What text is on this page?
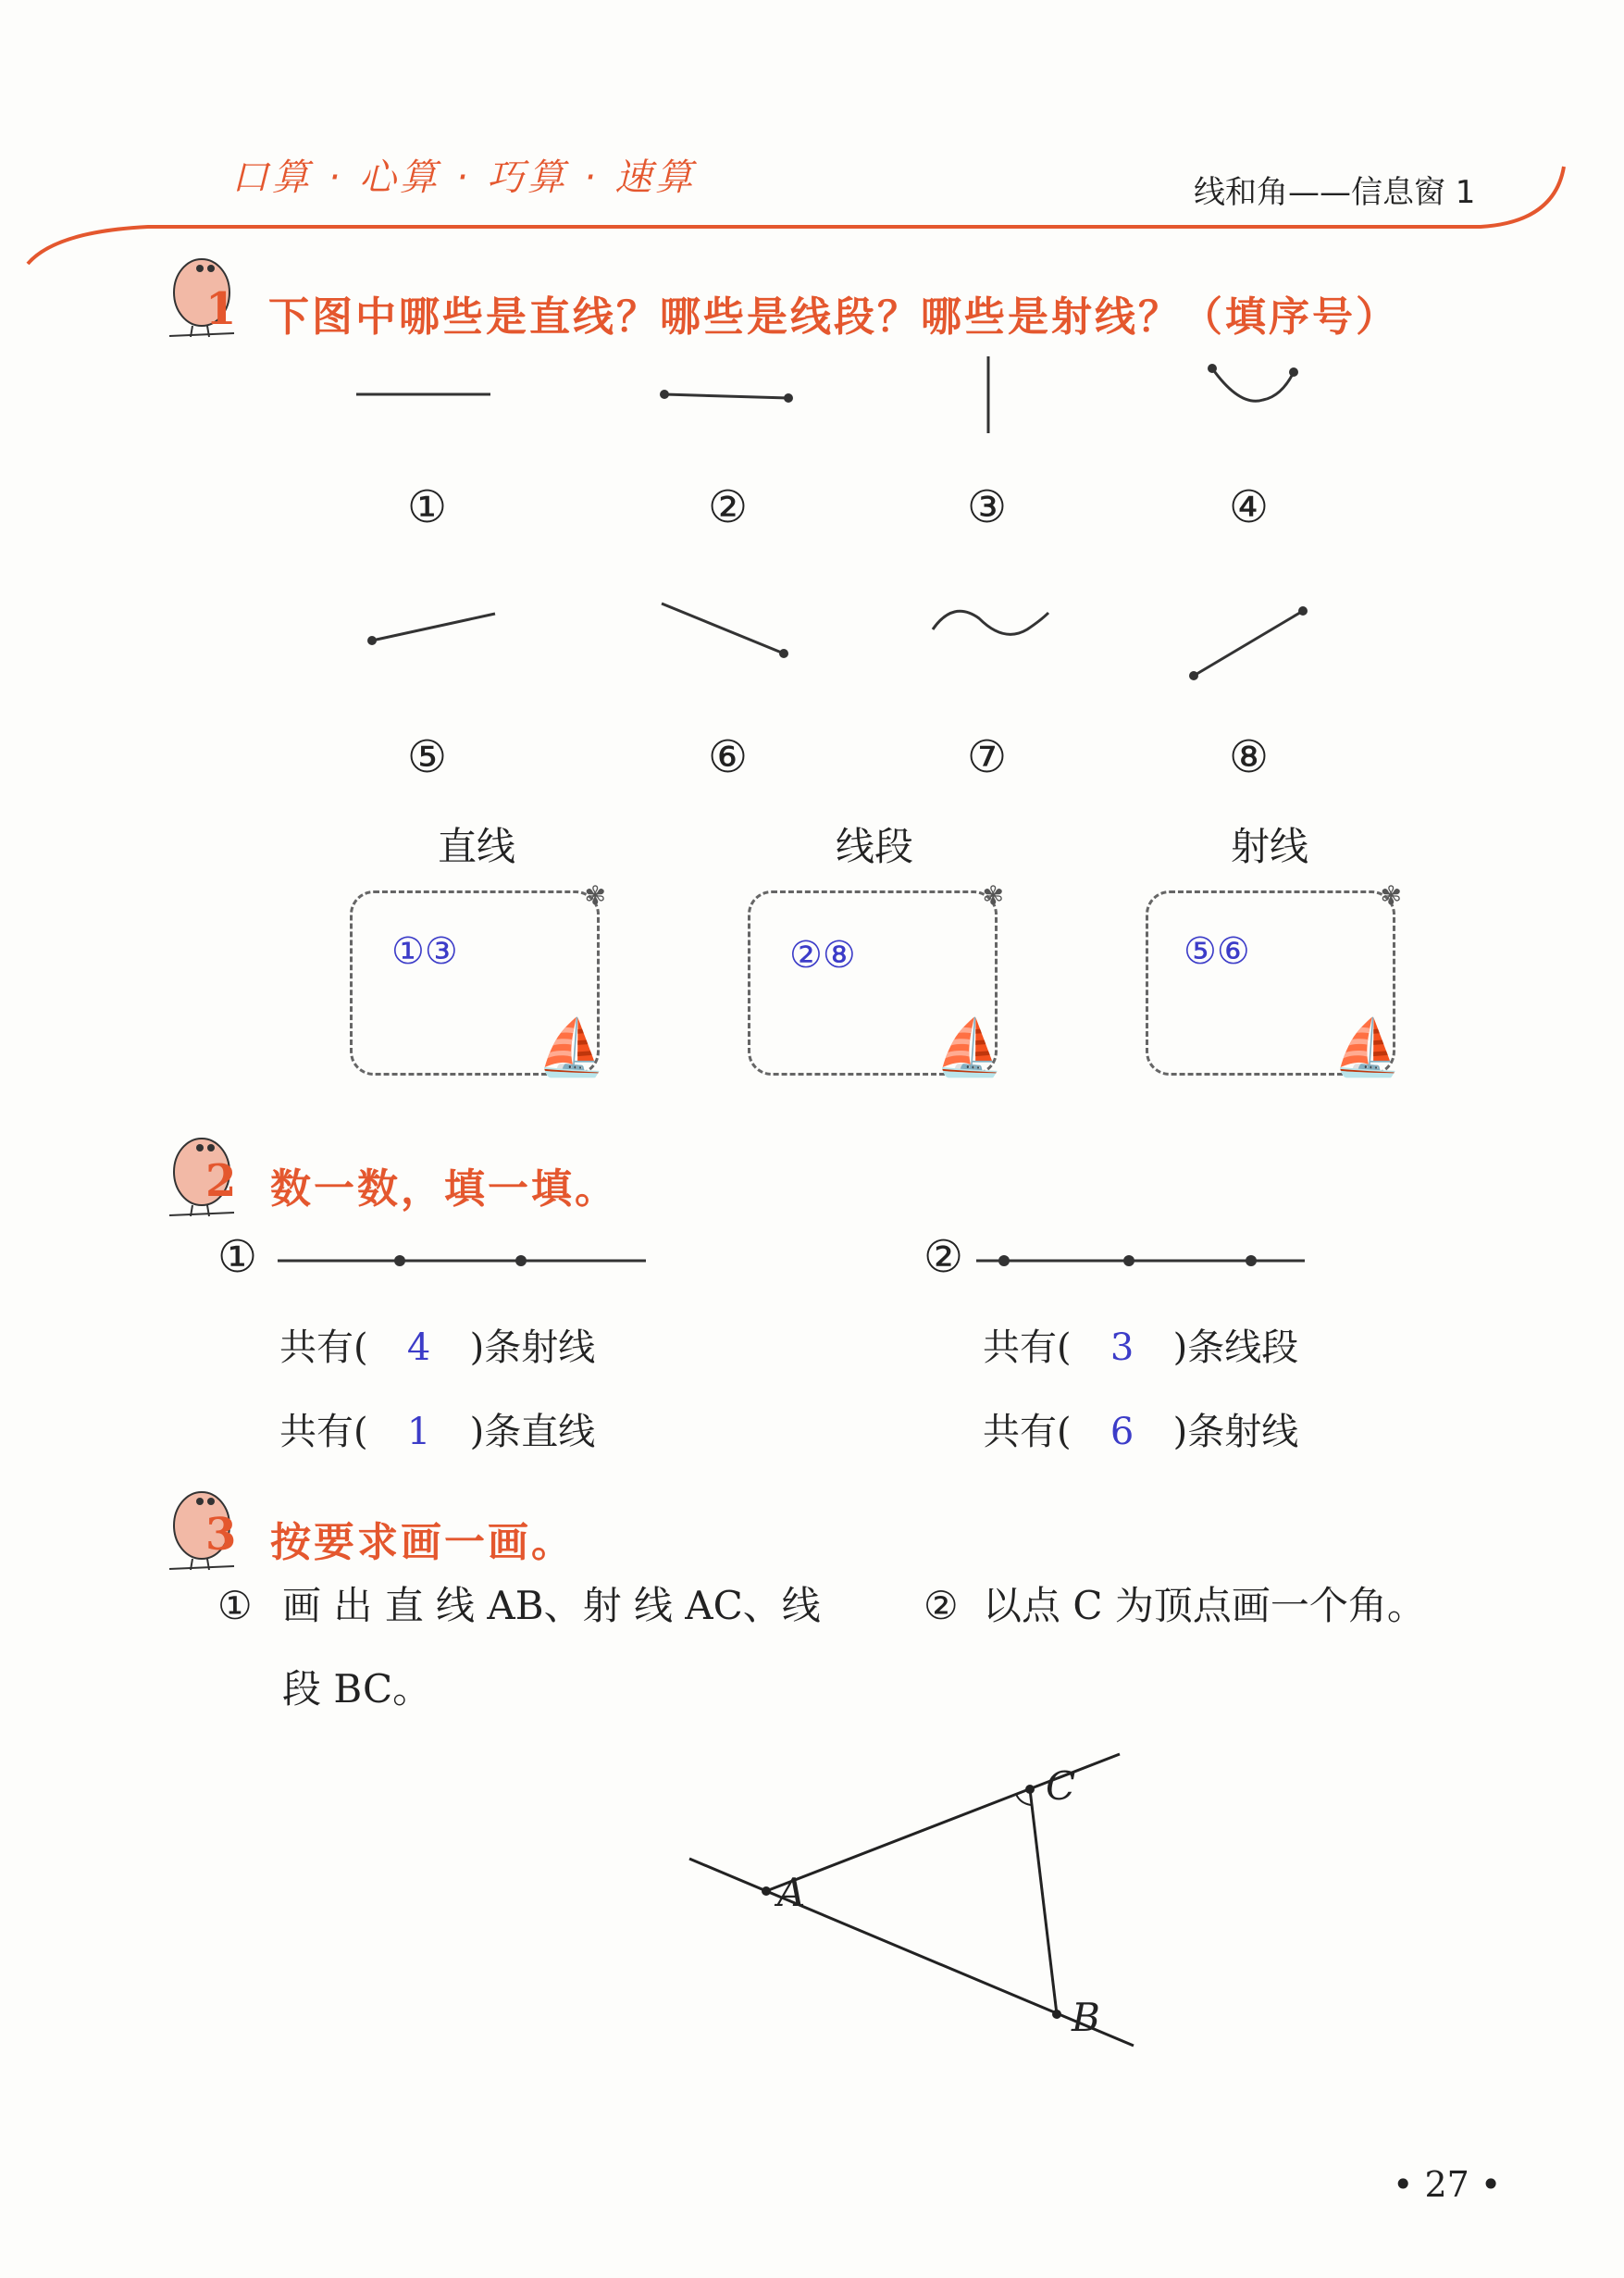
口算 · 心算 · 巧算 · 速算	线和角——信息窗 1
1 下图中哪些是直线？哪些是线段？哪些是射线？（填序号）
①	②	③	④
⑤	⑥	⑦	⑧
直线	线段	射线
①③
✾
⛵
②⑧
✾
⛵
⑤⑥
✾
⛵
2 数一数，填一填。
①	②
共有( 4 )条射线
共有( 1 )条直线
共有( 3 )条线段
共有( 6 )条射线
3 按要求画一画。
① 画 出 直 线 AB、射 线 AC、线
段 BC。
② 以点 C 为顶点画一个角。
A
C
B
• 27 •
